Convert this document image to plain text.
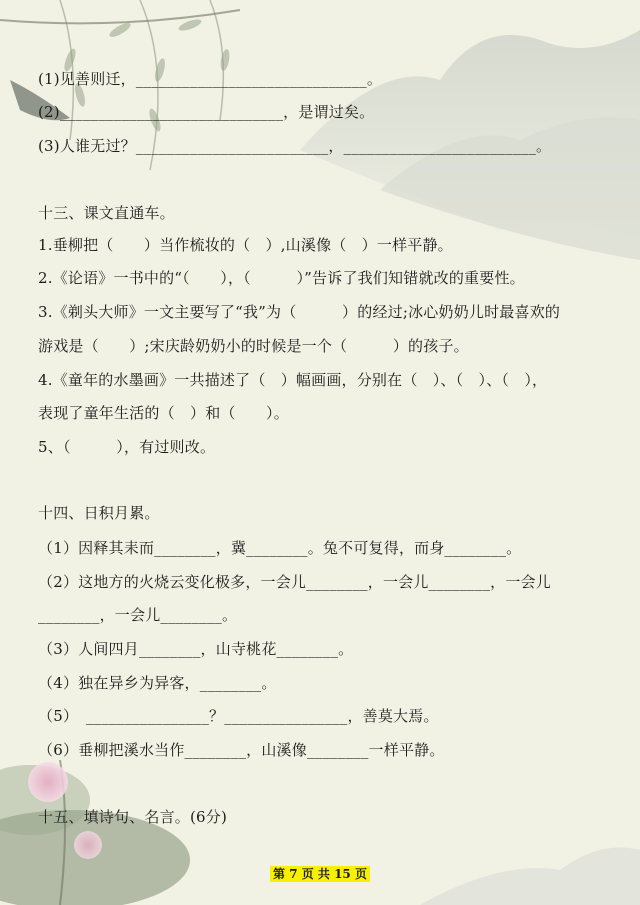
(1)见善则迁，______________________________。
(2)_____________________________，是谓过矣。
(3)人谁无过？_________________________，_________________________。
十三、课文直通车。
1.垂柳把（　　）当作梳妆的（　）,山溪像（　）一样平静。
2.《论语》一书中的“（　　），（　　　）”告诉了我们知错就改的重要性。
3.《剃头大师》一文主要写了“我”为（　　　）的经过;冰心奶奶儿时最喜欢的
游戏是（　　）;宋庆龄奶奶小的时候是一个（　　　）的孩子。
4.《童年的水墨画》一共描述了（　）幅画画，分别在（　）、（　）、（　），
表现了童年生活的（　）和（　　）。
5、（　　　），有过则改。
十四、日积月累。
（1）因释其耒而________，冀________。兔不可复得，而身________。
（2）这地方的火烧云变化极多，一会儿________，一会儿________，一会儿
________，一会儿________。
（3）人间四月________，山寺桃花________。
（4）独在异乡为异客，________。
（5）　________________？________________，善莫大焉。
（6）垂柳把溪水当作________，山溪像________一样平静。
十五、填诗句、名言。(6分)
第 7 页 共 15 页
